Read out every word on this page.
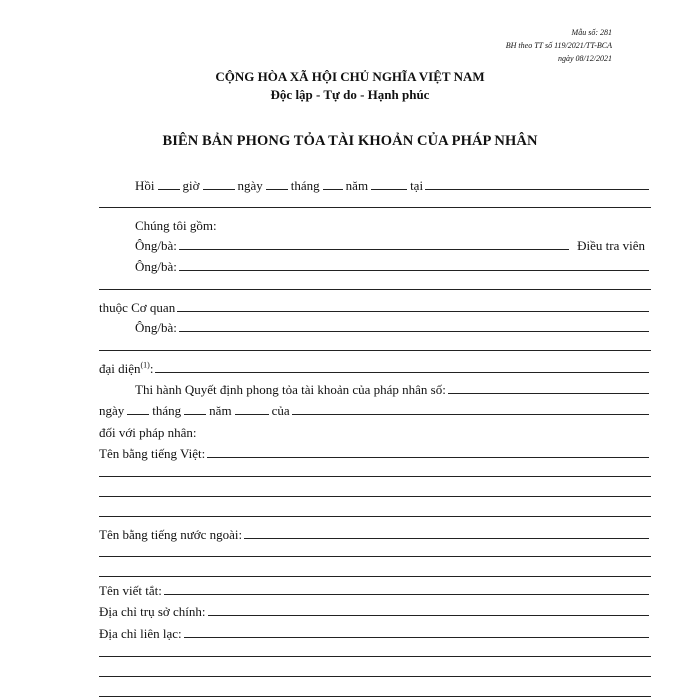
Mẫu số: 281
BH theo TT số 119/2021/TT-BCA
ngày 08/12/2021
CỘNG HÒA XÃ HỘI CHỦ NGHĨA VIỆT NAM
Độc lập - Tự do - Hạnh phúc
BIÊN BẢN PHONG TỎA TÀI KHOẢN CỦA PHÁP NHÂN
Hồi giờ	ngày tháng năm	tại
Chúng tôi gồm:
Ông/bà:	Điều tra viên
Ông/bà:
thuộc Cơ quan
Ông/bà:
đại diện$^{(1)}$:
Thi hành Quyết định phong tỏa tài khoản của pháp nhân số:
ngày tháng năm	của
đối với pháp nhân:
Tên bằng tiếng Việt:
Tên bằng tiếng nước ngoài:
Tên viết tắt:
Địa chỉ trụ sở chính:
Địa chỉ liên lạc:
